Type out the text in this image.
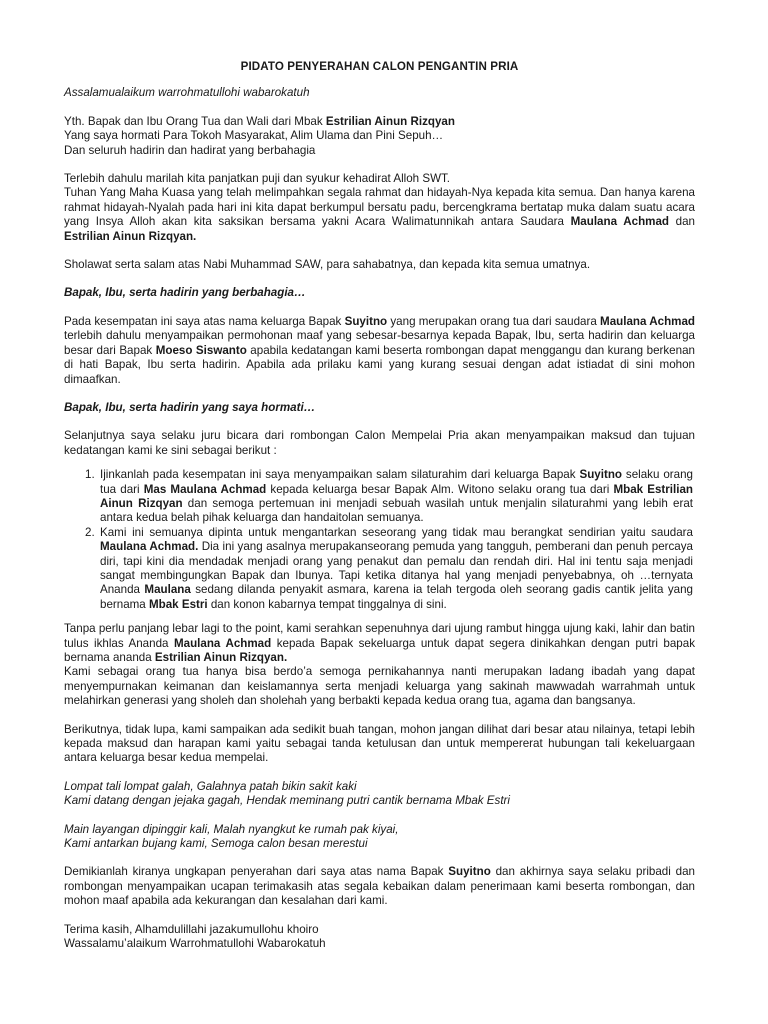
PIDATO PENYERAHAN CALON PENGANTIN PRIA

Assalamualaikum warrohmatullohi wabarokatuh

Yth. Bapak dan Ibu Orang Tua dan Wali dari Mbak Estrilian Ainun Rizqyan

Yang saya hormati Para Tokoh Masyarakat, Alim Ulama dan Pini Sepuh…

Dan seluruh hadirin dan hadirat yang berbahagia

Terlebih dahulu marilah kita panjatkan puji dan syukur kehadirat Alloh SWT.

Tuhan Yang Maha Kuasa yang telah melimpahkan segala rahmat dan hidayah-Nya kepada kita semua. Dan hanya karena rahmat hidayah-Nyalah pada hari ini kita dapat berkumpul bersatu padu, bercengkrama bertatap muka dalam suatu acara yang Insya Alloh akan kita saksikan bersama yakni Acara Walimatunnikah antara Saudara Maulana Achmad dan Estrilian Ainun Rizqyan.

Sholawat serta salam atas Nabi Muhammad SAW, para sahabatnya, dan kepada kita semua umatnya.

Bapak, Ibu, serta hadirin yang berbahagia…

Pada kesempatan ini saya atas nama keluarga Bapak Suyitno yang merupakan orang tua dari saudara Maulana Achmad terlebih dahulu menyampaikan permohonan maaf yang sebesar-besarnya kepada Bapak, Ibu, serta hadirin dan keluarga besar dari Bapak Moeso Siswanto apabila kedatangan kami beserta rombongan dapat menggangu dan kurang berkenan di hati Bapak, Ibu serta hadirin. Apabila ada prilaku kami yang kurang sesuai dengan adat istiadat di sini mohon dimaafkan.

Bapak, Ibu, serta hadirin yang saya hormati…

Selanjutnya saya selaku juru bicara dari rombongan Calon Mempelai Pria akan menyampaikan maksud dan tujuan kedatangan kami ke sini sebagai berikut :

1. Ijinkanlah pada kesempatan ini saya menyampaikan salam silaturahim dari keluarga Bapak Suyitno selaku orang tua dari Mas Maulana Achmad kepada keluarga besar Bapak Alm. Witono selaku orang tua dari Mbak Estrilian Ainun Rizqyan dan semoga pertemuan ini menjadi sebuah wasilah untuk menjalin silaturahmi yang lebih erat antara kedua belah pihak keluarga dan handaitolan semuanya.
2. Kami ini semuanya dipinta untuk mengantarkan seseorang yang tidak mau berangkat sendirian yaitu saudara Maulana Achmad. Dia ini yang asalnya merupakanseorang pemuda yang tangguh, pemberani dan penuh percaya diri, tapi kini dia mendadak menjadi orang yang penakut dan pemalu dan rendah diri. Hal ini tentu saja menjadi sangat membingungkan Bapak dan Ibunya. Tapi ketika ditanya hal yang menjadi penyebabnya, oh …ternyata Ananda Maulana sedang dilanda penyakit asmara, karena ia telah tergoda oleh seorang gadis cantik jelita yang bernama Mbak Estri dan konon kabarnya tempat tinggalnya di sini.

Tanpa perlu panjang lebar lagi to the point, kami serahkan sepenuhnya dari ujung rambut hingga ujung kaki, lahir dan batin tulus ikhlas Ananda Maulana Achmad kepada Bapak sekeluarga untuk dapat segera dinikahkan dengan putri bapak bernama ananda Estrilian Ainun Rizqyan.

Kami sebagai orang tua hanya bisa berdo’a semoga pernikahannya nanti merupakan ladang ibadah yang dapat menyempurnakan keimanan dan keislamannya serta menjadi keluarga yang sakinah mawwadah warrahmah untuk melahirkan generasi yang sholeh dan sholehah yang berbakti kepada kedua orang tua, agama dan bangsanya.

Berikutnya, tidak lupa, kami sampaikan ada sedikit buah tangan, mohon jangan dilihat dari besar atau nilainya, tetapi lebih kepada maksud dan harapan kami yaitu sebagai tanda ketulusan dan untuk mempererat hubungan tali kekeluargaan antara keluarga besar kedua mempelai.

Lompat tali lompat galah, Galahnya patah bikin sakit kaki

Kami datang dengan jejaka gagah, Hendak meminang putri cantik bernama Mbak Estri

Main layangan dipinggir kali, Malah nyangkut ke rumah pak kiyai,

Kami antarkan bujang kami, Semoga calon besan merestui

Demikianlah kiranya ungkapan penyerahan dari saya atas nama Bapak Suyitno dan akhirnya saya selaku pribadi dan rombongan menyampaikan ucapan terimakasih atas segala kebaikan dalam penerimaan kami beserta rombongan, dan mohon maaf apabila ada kekurangan dan kesalahan dari kami.

Terima kasih, Alhamdulillahi jazakumullohu khoiro

Wassalamu’alaikum Warrohmatullohi Wabarokatuh
